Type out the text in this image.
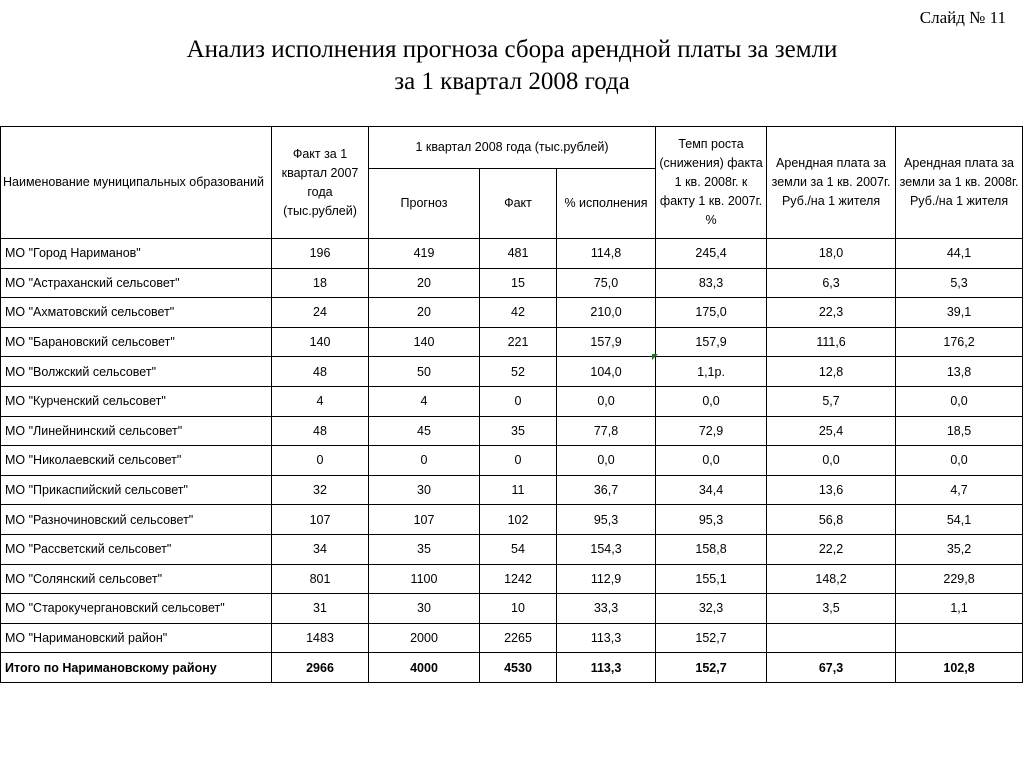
Слайд № 11
Анализ исполнения прогноза сбора арендной платы за земли
за 1 квартал 2008 года
Наименование муниципальных образований	Факт за 1 квартал 2007 года (тыс.рублей)	1 квартал 2008 года (тыс.рублей)			Темп роста (снижения) факта 1 кв. 2008г. к факту 1 кв. 2007г. %	Арендная плата за земли за 1 кв. 2007г. Руб./на 1 жителя	Арендная плата за земли за 1 кв. 2008г. Руб./на 1 жителя
		Прогноз	Факт	% исполнения			
МО "Город Нариманов"	196	419	481	114,8	245,4	18,0	44,1
МО "Астраханский сельсовет"	18	20	15	75,0	83,3	6,3	5,3
МО "Ахматовский сельсовет"	24	20	42	210,0	175,0	22,3	39,1
МО "Барановский сельсовет"	140	140	221	157,9	157,9	111,6	176,2
МО "Волжский сельсовет"	48	50	52	104,0	1,1р.	12,8	13,8
МО "Курченский сельсовет"	4	4	0	0,0	0,0	5,7	0,0
МО "Линейнинский сельсовет"	48	45	35	77,8	72,9	25,4	18,5
МО "Николаевский сельсовет"	0	0	0	0,0	0,0	0,0	0,0
МО "Прикаспийский сельсовет"	32	30	11	36,7	34,4	13,6	4,7
МО "Разночиновский сельсовет"	107	107	102	95,3	95,3	56,8	54,1
МО "Рассветский сельсовет"	34	35	54	154,3	158,8	22,2	35,2
МО "Солянский сельсовет"	801	1100	1242	112,9	155,1	148,2	229,8
МО "Старокучергановский сельсовет"	31	30	10	33,3	32,3	3,5	1,1
МО "Наримановский район"	1483	2000	2265	113,3	152,7		
Итого по Наримановскому району	2966	4000	4530	113,3	152,7	67,3	102,8
